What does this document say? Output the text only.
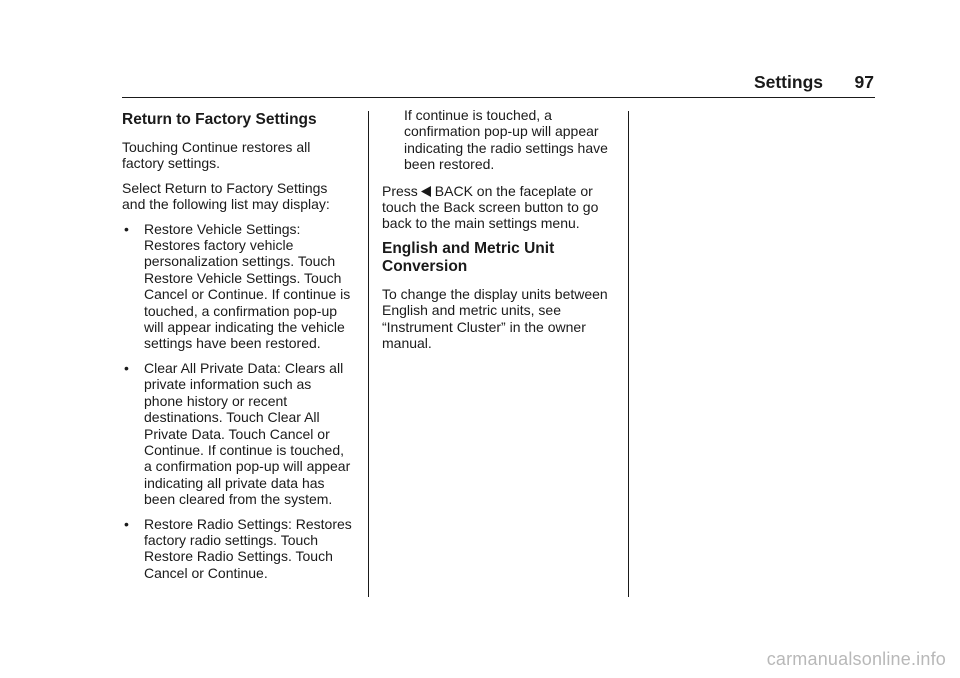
Settings 97
Return to Factory Settings

Touching Continue restores all factory settings.

Select Return to Factory Settings and the following list may display:

• Restore Vehicle Settings: Restores factory vehicle personalization settings. Touch Restore Vehicle Settings. Touch Cancel or Continue. If continue is touched, a confirmation pop-up will appear indicating the vehicle settings have been restored.
• Clear All Private Data: Clears all private information such as phone history or recent destinations. Touch Clear All Private Data. Touch Cancel or Continue. If continue is touched, a confirmation pop-up will appear indicating all private data has been cleared from the system.
• Restore Radio Settings: Restores factory radio settings. Touch Restore Radio Settings. Touch Cancel or Continue.
If continue is touched, a confirmation pop-up will appear indicating the radio settings have been restored.

Press BACK on the faceplate or touch the Back screen button to go back to the main settings menu.

English and Metric Unit Conversion

To change the display units between English and metric units, see “Instrument Cluster” in the owner manual.

carmanualsonline.info
